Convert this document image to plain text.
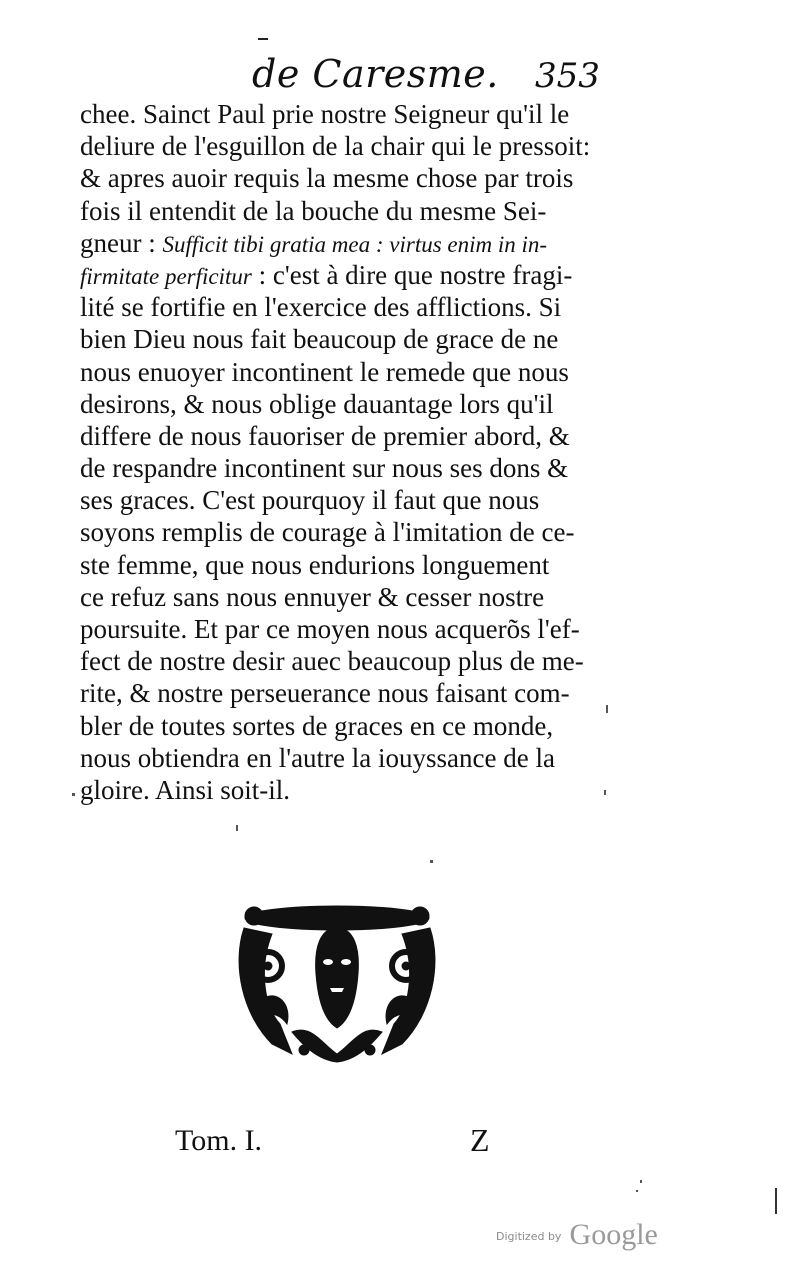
de Caresme. 353
chee. Sainct Paul prie nostre Seigneur qu'il le
deliure de l'esguillon de la chair qui le pressoit:
& apres auoir requis la mesme chose par trois
fois il entendit de la bouche du mesme Sei-
gneur : Sufficit tibi gratia mea : virtus enim in in-
firmitate perficitur : c'est à dire que nostre fragi-
lité se fortifie en l'exercice des afflictions. Si
bien Dieu nous fait beaucoup de grace de ne
nous enuoyer incontinent le remede que nous
desirons, & nous oblige dauantage lors qu'il
differe de nous fauoriser de premier abord, &
de respandre incontinent sur nous ses dons &
ses graces. C'est pourquoy il faut que nous
soyons remplis de courage à l'imitation de ce-
ste femme, que nous endurions longuement
ce refuz sans nous ennuyer & cesser nostre
poursuite. Et par ce moyen nous acquerõs l'ef-
fect de nostre desir auec beaucoup plus de me-
rite, & nostre perseuerance nous faisant com-
bler de toutes sortes de graces en ce monde,
nous obtiendra en l'autre la iouyssance de la
gloire. Ainsi soit-il.
Tom. I.	Z
$^{Digitized by}$ Google
